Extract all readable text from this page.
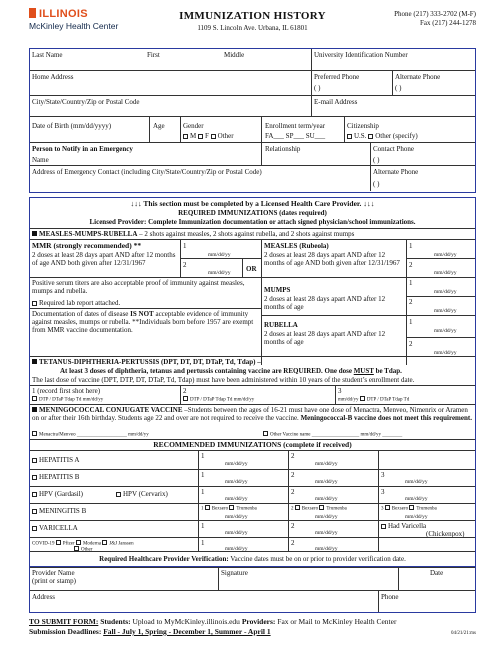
ILLINOIS
McKinley Health Center
IMMUNIZATION HISTORY
1109 S. Lincoln Ave. Urbana, IL 61801
Phone (217) 333-2702 (M-F)
Fax (217) 244-1278
Last Name	First	Middle	University Identification Number
Home Address	Preferred Phone
( )
Alternate Phone
( )
City/State/Country/Zip or Postal Code	E-mail Address
Date of Birth (mm/dd/yyyy)	Age	Gender
M F Other
Enrollment term/year
FA___ SP___ SU___
Citizenship
U.S. Other (specify)
Person to Notify in an Emergency
Name
Relationship	Contact Phone
( )
Address of Emergency Contact (including City/State/Country/Zip or Postal Code)	Alternate Phone
( )
↓↓↓ This section must be completed by a Licensed Health Care Provider. ↓↓↓
REQUIRED IMMUNIZATIONS (dates required)
Licensed Provider: Complete Immunization documentation or attach signed physician/school immunizations.
MEASLES-MUMPS-RUBELLA – 2 shots against measles, 2 shots against rubella, and 2 shots against mumps
MMR (strongly recommended) **
2 doses at least 28 days apart AND after 12 months of age AND both given after 12/31/1967
1
mm/dd/yy
2
mm/dd/yy OR
MEASLES (Rubeola)
2 doses at least 28 days apart AND after 12 months of age AND both given after 12/31/1967
1
mm/dd/yy
2
mm/dd/yy
Positive serum titers are also acceptable proof of immunity against measles, mumps and rubella.
Required lab report attached.
Documentation of dates of disease IS NOT acceptable evidence of immunity against measles, mumps or rubella. **Individuals born before 1957 are exempt from MMR vaccine documentation.
MUMPS
2 doses at least 28 days apart AND after 12 months of age
1
mm/dd/yy
2
mm/dd/yy
RUBELLA
2 doses at least 28 days apart AND after 12 months of age
1
mm/dd/yy
2
mm/dd/yy
TETANUS-DIPHTHERIA-PERTUSSIS (DPT, DT, DT, DTaP, Td, Tdap) –
At least 3 doses of diphtheria, tetanus and pertussis containing vaccine are REQUIRED. One dose MUST be Tdap.
The last dose of vaccine (DPT, DTP, DT, DTaP, Td, Tdap) must have been administered within 10 years of the student’s enrollment date.
1 (record first shot here)
DTP / DTaP Tdap Td mm/dd/yy
2
DTP / DTaP Tdap Td mm/dd/yy
3
mm/dd/yy DTP / DTaP Tdap Td
MENINGOCOCCAL CONJUGATE VACCINE –Students between the ages of 16-21 must have one dose of Menactra, Menveo, Nimenrix or Aramen on or after their 16th birthday. Students age 22 and over are not required to receive the vaccine. Meningococcal-B vaccine does not meet this requirement.
Menactra/Menveo ____________________ mm/dd/yy	Other Vaccine name ___________________ mm/dd/yy ________
RECOMMENDED IMMUNIZATIONS (complete if received)
HEPATITIS A	1
mm/dd/yy
2
mm/dd/yy
HEPATITIS B	1
mm/dd/yy
2
mm/dd/yy
3
mm/dd/yy
HPV (Gardasil)	HPV (Cervarix)	1
mm/dd/yy
2
mm/dd/yy
3
mm/dd/yy
MENINGITIS B	1 Bexsero Trumenba
mm/dd/yy
2 Bexsero Trumenba
mm/dd/yy
3 Bexsero Trumenba
mm/dd/yy
VARICELLA	1
mm/dd/yy
2
mm/dd/yy
Had Varicella
(Chickenpox)
COVID-19 Pfizer Moderna J&J Janssen
Other ________________
1
mm/dd/yy
2
mm/dd/yy
Required Healthcare Provider Verification: Vaccine dates must be on or prior to provider verification date.
Provider Name
(print or stamp)
Signature	Date
Address	Phone
TO SUBMIT FORM: Students: Upload to MyMcKinley.illinois.edu Providers: Fax or Mail to McKinley Health Center
Submission Deadlines: Fall - July 1, Spring - December 1, Summer - April 1	04/21/21:ms
